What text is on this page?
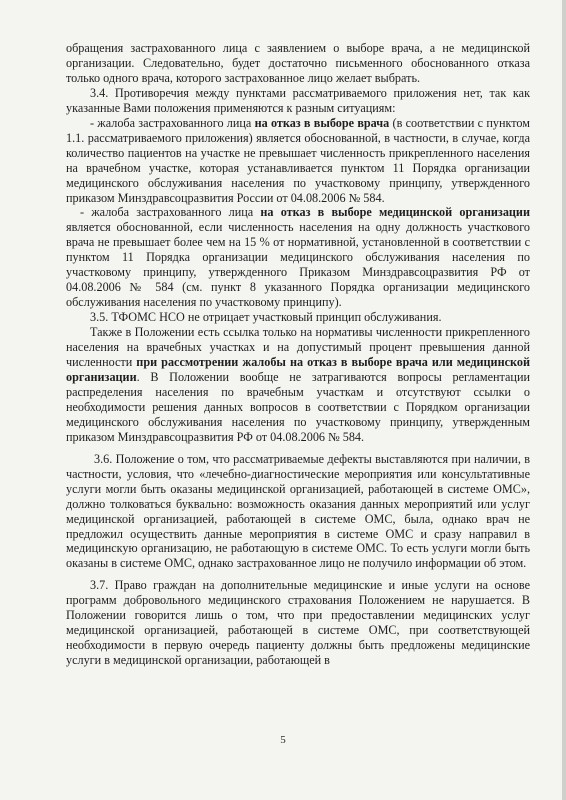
обращения застрахованного лица с заявлением о выборе врача, а не медицинской организации. Следовательно, будет достаточно письменного обоснованного отказа только одного врача, которого застрахованное лицо желает выбрать.

3.4. Противоречия между пунктами рассматриваемого приложения нет, так как указанные Вами положения применяются к разным ситуациям:

- жалоба застрахованного лица на отказ в выборе врача (в соответствии с пунктом 1.1. рассматриваемого приложения) является обоснованной, в частности, в случае, когда количество пациентов на участке не превышает численность прикрепленного населения на врачебном участке, которая устанавливается пунктом 11 Порядка организации медицинского обслуживания населения по участковому принципу, утвержденного приказом Минздравсоцразвития России от 04.08.2006 № 584.

- жалоба застрахованного лица на отказ в выборе медицинской организации является обоснованной, если численность населения на одну должность участкового врача не превышает более чем на 15 % от нормативной, установленной в соответствии с пунктом 11 Порядка организации медицинского обслуживания населения по участковому принципу, утвержденного Приказом Минздравсоцразвития РФ от 04.08.2006 № 584 (см. пункт 8 указанного Порядка организации медицинского обслуживания населения по участковому принципу).

3.5. ТФОМС НСО не отрицает участковый принцип обслуживания.

Также в Положении есть ссылка только на нормативы численности прикрепленного населения на врачебных участках и на допустимый процент превышения данной численности при рассмотрении жалобы на отказ в выборе врача или медицинской организации. В Положении вообще не затрагиваются вопросы регламентации распределения населения по врачебным участкам и отсутствуют ссылки о необходимости решения данных вопросов в соответствии с Порядком организации медицинского обслуживания населения по участковому принципу, утвержденным приказом Минздравсоцразвития РФ от 04.08.2006 № 584.

3.6. Положение о том, что рассматриваемые дефекты выставляются при наличии, в частности, условия, что «лечебно-диагностические мероприятия или консультативные услуги могли быть оказаны медицинской организацией, работающей в системе ОМС», должно толковаться буквально: возможность оказания данных мероприятий или услуг медицинской организацией, работающей в системе ОМС, была, однако врач не предложил осуществить данные мероприятия в системе ОМС и сразу направил в медицинскую организацию, не работающую в системе ОМС. То есть услуги могли быть оказаны в системе ОМС, однако застрахованное лицо не получило информации об этом.

3.7. Право граждан на дополнительные медицинские и иные услуги на основе программ добровольного медицинского страхования Положением не нарушается. В Положении говорится лишь о том, что при предоставлении медицинских услуг медицинской организацией, работающей в системе ОМС, при соответствующей необходимости в первую очередь пациенту должны быть предложены медицинские услуги в медицинской организации, работающей в

5
